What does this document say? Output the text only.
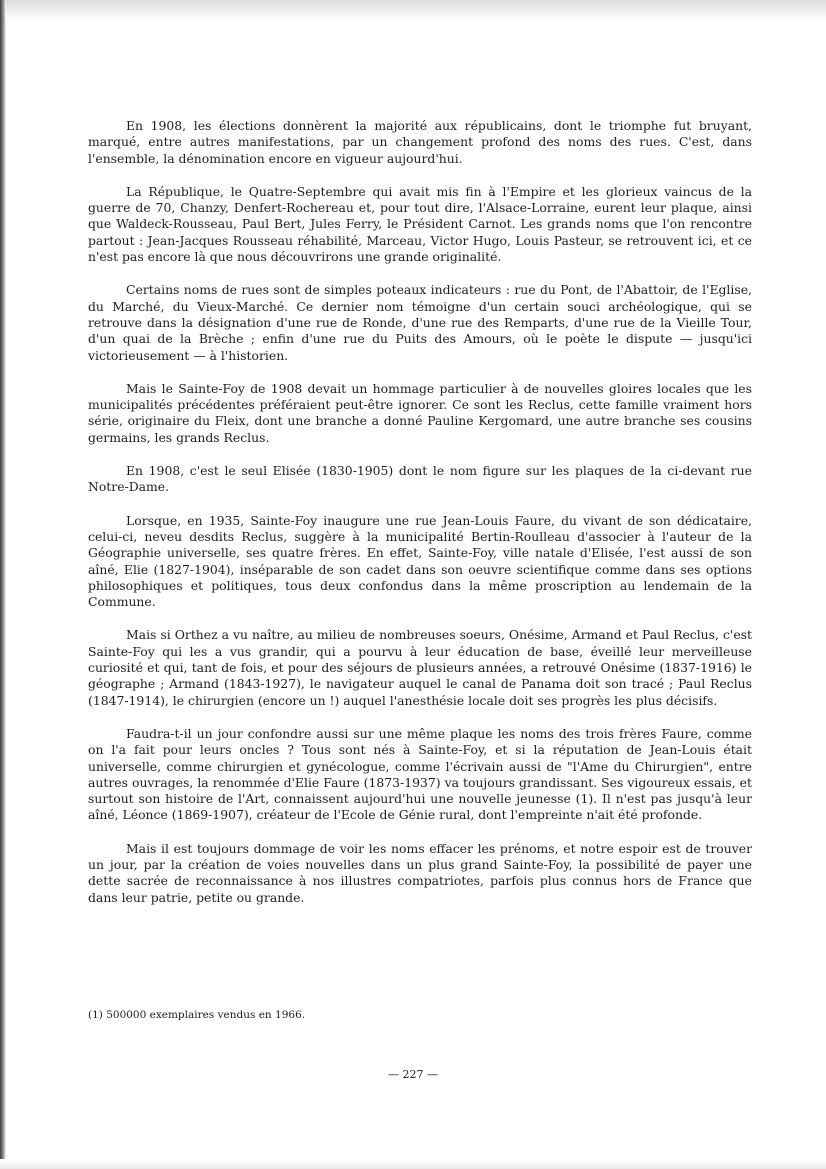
En 1908, les élections donnèrent la majorité aux républicains, dont le triomphe fut bruyant, marqué, entre autres manifestations, par un changement profond des noms des rues. C'est, dans l'ensemble, la dénomination encore en vigueur aujourd'hui.

La République, le Quatre-Septembre qui avait mis fin à l'Empire et les glorieux vaincus de la guerre de 70, Chanzy, Denfert-Rochereau et, pour tout dire, l'Alsace-Lorraine, eurent leur plaque, ainsi que Waldeck-Rousseau, Paul Bert, Jules Ferry, le Président Carnot. Les grands noms que l'on rencontre partout : Jean-Jacques Rousseau réhabilité, Marceau, Victor Hugo, Louis Pasteur, se retrouvent ici, et ce n'est pas encore là que nous découvrirons une grande originalité.

Certains noms de rues sont de simples poteaux indicateurs : rue du Pont, de l'Abattoir, de l'Eglise, du Marché, du Vieux-Marché. Ce dernier nom témoigne d'un certain souci archéologique, qui se retrouve dans la désignation d'une rue de Ronde, d'une rue des Remparts, d'une rue de la Vieille Tour, d'un quai de la Brèche ; enfin d'une rue du Puits des Amours, où le poète le dispute — jusqu'ici victorieusement — à l'historien.

Mais le Sainte-Foy de 1908 devait un hommage particulier à de nouvelles gloires locales que les municipalités précédentes préféraient peut-être ignorer. Ce sont les Reclus, cette famille vraiment hors série, originaire du Fleix, dont une branche a donné Pauline Kergomard, une autre branche ses cousins germains, les grands Reclus.

En 1908, c'est le seul Elisée (1830-1905) dont le nom figure sur les plaques de la ci-devant rue Notre-Dame.

Lorsque, en 1935, Sainte-Foy inaugure une rue Jean-Louis Faure, du vivant de son dédicataire, celui-ci, neveu desdits Reclus, suggère à la municipalité Bertin-Roulleau d'associer à l'auteur de la Géographie universelle, ses quatre frères. En effet, Sainte-Foy, ville natale d'Elisée, l'est aussi de son aîné, Elie (1827-1904), inséparable de son cadet dans son oeuvre scientifique comme dans ses options philosophiques et politiques, tous deux confondus dans la même proscription au lendemain de la Commune.

Mais si Orthez a vu naître, au milieu de nombreuses soeurs, Onésime, Armand et Paul Reclus, c'est Sainte-Foy qui les a vus grandir, qui a pourvu à leur éducation de base, éveillé leur merveilleuse curiosité et qui, tant de fois, et pour des séjours de plusieurs années, a retrouvé Onésime (1837-1916) le géographe ; Armand (1843-1927), le navigateur auquel le canal de Panama doit son tracé ; Paul Reclus (1847-1914), le chirurgien (encore un !) auquel l'anesthésie locale doit ses progrès les plus décisifs.

Faudra-t-il un jour confondre aussi sur une même plaque les noms des trois frères Faure, comme on l'a fait pour leurs oncles ? Tous sont nés à Sainte-Foy, et si la réputation de Jean-Louis était universelle, comme chirurgien et gynécologue, comme l'écrivain aussi de "l'Ame du Chirurgien", entre autres ouvrages, la renommée d'Elie Faure (1873-1937) va toujours grandissant. Ses vigoureux essais, et surtout son histoire de l'Art, connaissent aujourd'hui une nouvelle jeunesse (1). Il n'est pas jusqu'à leur aîné, Léonce (1869-1907), créateur de l'Ecole de Génie rural, dont l'empreinte n'ait été profonde.

Mais il est toujours dommage de voir les noms effacer les prénoms, et notre espoir est de trouver un jour, par la création de voies nouvelles dans un plus grand Sainte-Foy, la possibilité de payer une dette sacrée de reconnaissance à nos illustres compatriotes, parfois plus connus hors de France que dans leur patrie, petite ou grande.

(1) 500000 exemplaires vendus en 1966.

— 227 —
